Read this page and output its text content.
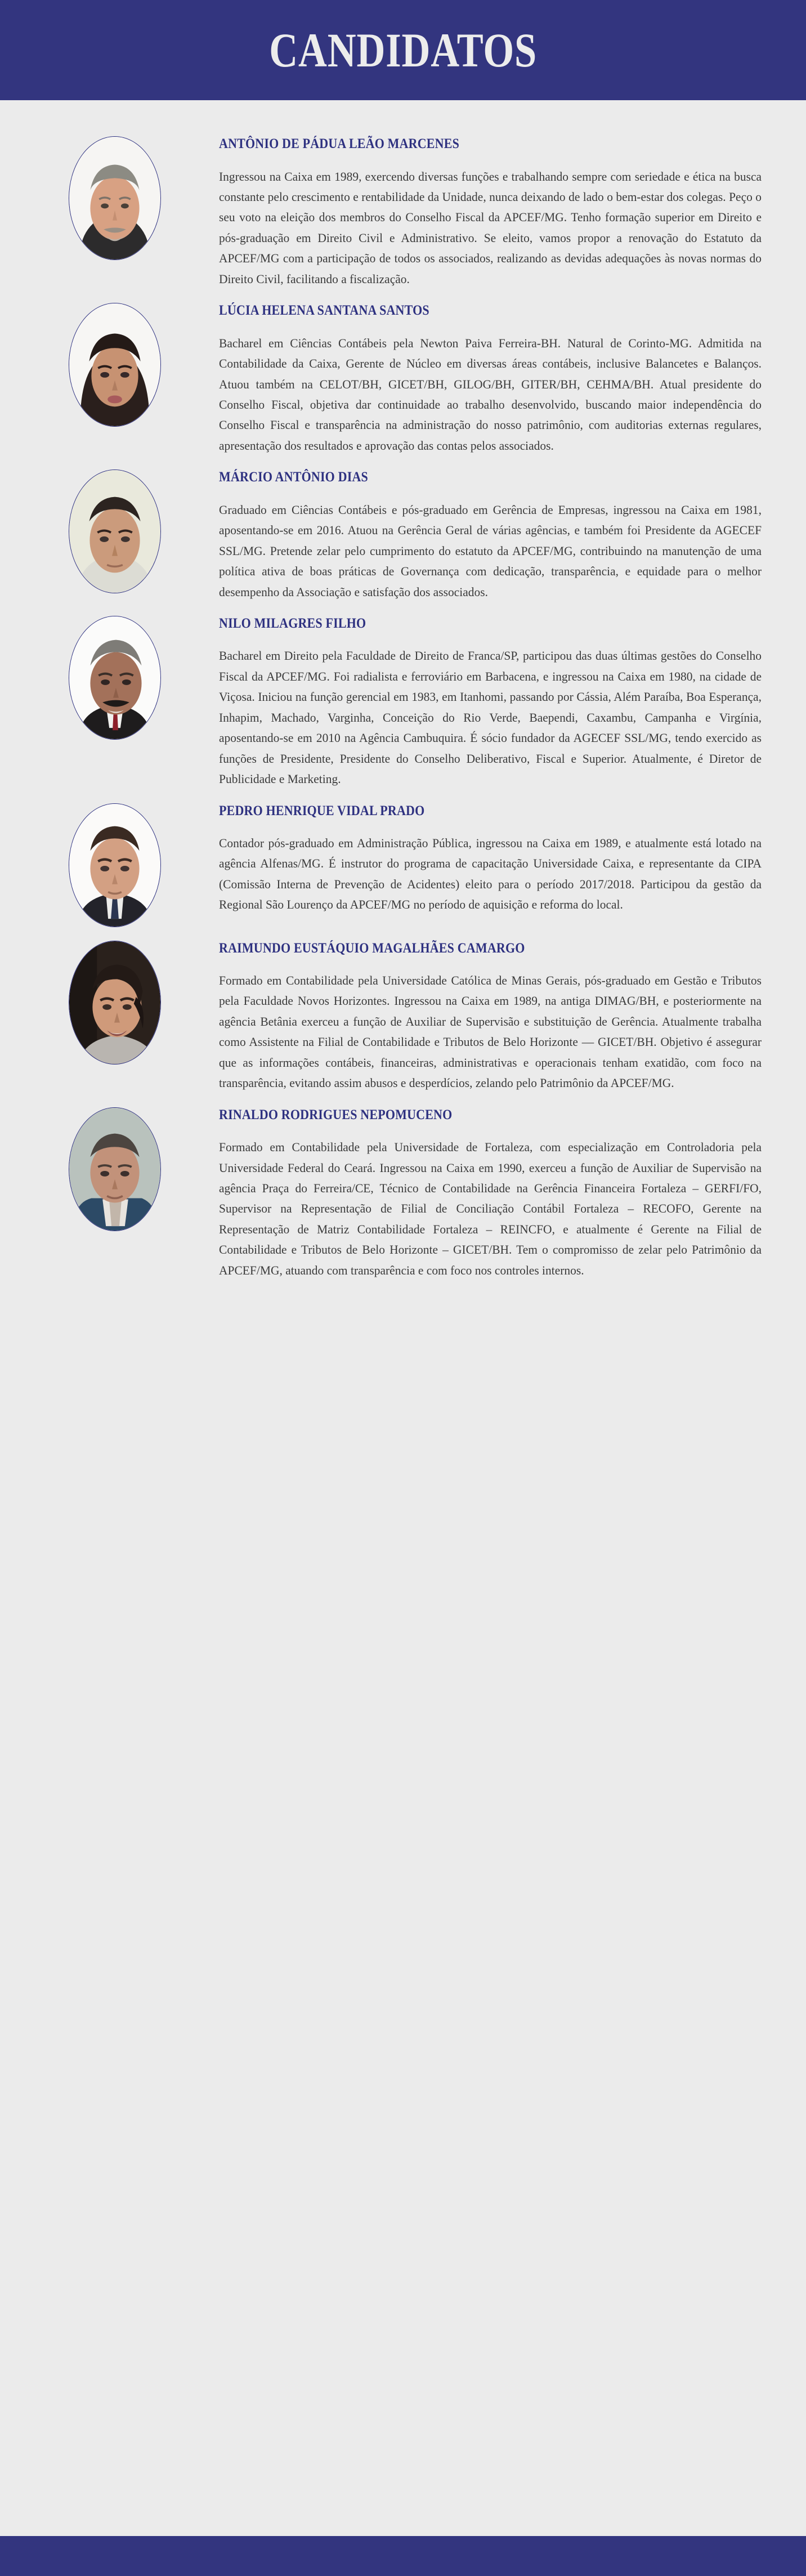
CANDIDATOS
ANTÔNIO DE PÁDUA LEÃO MARCENES

Ingressou na Caixa em 1989, exercendo diversas funções e trabalhando sempre com seriedade e ética na busca constante pelo crescimento e rentabilidade da Unidade, nunca deixando de lado o bem-estar dos colegas. Peço o seu voto na eleição dos membros do Conselho Fiscal da APCEF/MG. Tenho formação superior em Direito e pós-graduação em Direito Civil e Administrativo. Se eleito, vamos propor a renovação do Estatuto da APCEF/MG com a participação de todos os associados, realizando as devidas adequações às novas normas do Direito Civil, facilitando a fiscalização.

LÚCIA HELENA SANTANA SANTOS

Bacharel em Ciências Contábeis pela Newton Paiva Ferreira-BH. Natural de Corinto-MG. Admitida na Contabilidade da Caixa, Gerente de Núcleo em diversas áreas contábeis, inclusive Balancetes e Balanços. Atuou também na CELOT/BH, GICET/BH, GILOG/BH, GITER/BH, CEHMA/BH. Atual presidente do Conselho Fiscal, objetiva dar continuidade ao trabalho desenvolvido, buscando maior independência do Conselho Fiscal e transparência na administração do nosso patrimônio, com auditorias externas regulares, apresentação dos resultados e aprovação das contas pelos associados.

MÁRCIO ANTÔNIO DIAS

Graduado em Ciências Contábeis e pós-graduado em Gerência de Empresas, ingressou na Caixa em 1981, aposentando-se em 2016. Atuou na Gerência Geral de várias agências, e também foi Presidente da AGECEF SSL/MG. Pretende zelar pelo cumprimento do estatuto da APCEF/MG, contribuindo na manutenção de uma política ativa de boas práticas de Governança com dedicação, transparência, e equidade para o melhor desempenho da Associação e satisfação dos associados.

NILO MILAGRES FILHO

Bacharel em Direito pela Faculdade de Direito de Franca/SP, participou das duas últimas gestões do Conselho Fiscal da APCEF/MG. Foi radialista e ferroviário em Barbacena, e ingressou na Caixa em 1980, na cidade de Viçosa. Iniciou na função gerencial em 1983, em Itanhomi, passando por Cássia, Além Paraíba, Boa Esperança, Inhapim, Machado, Varginha, Conceição do Rio Verde, Baependi, Caxambu, Campanha e Virgínia, aposentando-se em 2010 na Agência Cambuquira. É sócio fundador da AGECEF SSL/MG, tendo exercido as funções de Presidente, Presidente do Conselho Deliberativo, Fiscal e Superior. Atualmente, é Diretor de Publicidade e Marketing.

PEDRO HENRIQUE VIDAL PRADO

Contador pós-graduado em Administração Pública, ingressou na Caixa em 1989, e atualmente está lotado na agência Alfenas/MG. É instrutor do programa de capacitação Universidade Caixa, e representante da CIPA (Comissão Interna de Prevenção de Acidentes) eleito para o período 2017/2018. Participou da gestão da Regional São Lourenço da APCEF/MG no período de aquisição e reforma do local.

RAIMUNDO EUSTÁQUIO MAGALHÃES CAMARGO

Formado em Contabilidade pela Universidade Católica de Minas Gerais, pós-graduado em Gestão e Tributos pela Faculdade Novos Horizontes. Ingressou na Caixa em 1989, na antiga DIMAG/BH, e posteriormente na agência Betânia exerceu a função de Auxiliar de Supervisão e substituição de Gerência. Atualmente trabalha como Assistente na Filial de Contabilidade e Tributos de Belo Horizonte — GICET/BH. Objetivo é assegurar que as informações contábeis, financeiras, administrativas e operacionais tenham exatidão, com foco na transparência, evitando assim abusos e desperdícios, zelando pelo Patrimônio da APCEF/MG.

RINALDO RODRIGUES NEPOMUCENO

Formado em Contabilidade pela Universidade de Fortaleza, com especialização em Controladoria pela Universidade Federal do Ceará. Ingressou na Caixa em 1990, exerceu a função de Auxiliar de Supervisão na agência Praça do Ferreira/CE, Técnico de Contabilidade na Gerência Financeira Fortaleza – GERFI/FO, Supervisor na Representação de Filial de Conciliação Contábil Fortaleza – RECOFO, Gerente na Representação de Matriz Contabilidade Fortaleza – REINCFO, e atualmente é Gerente na Filial de Contabilidade e Tributos de Belo Horizonte – GICET/BH. Tem o compromisso de zelar pelo Patrimônio da APCEF/MG, atuando com transparência e com foco nos controles internos.
